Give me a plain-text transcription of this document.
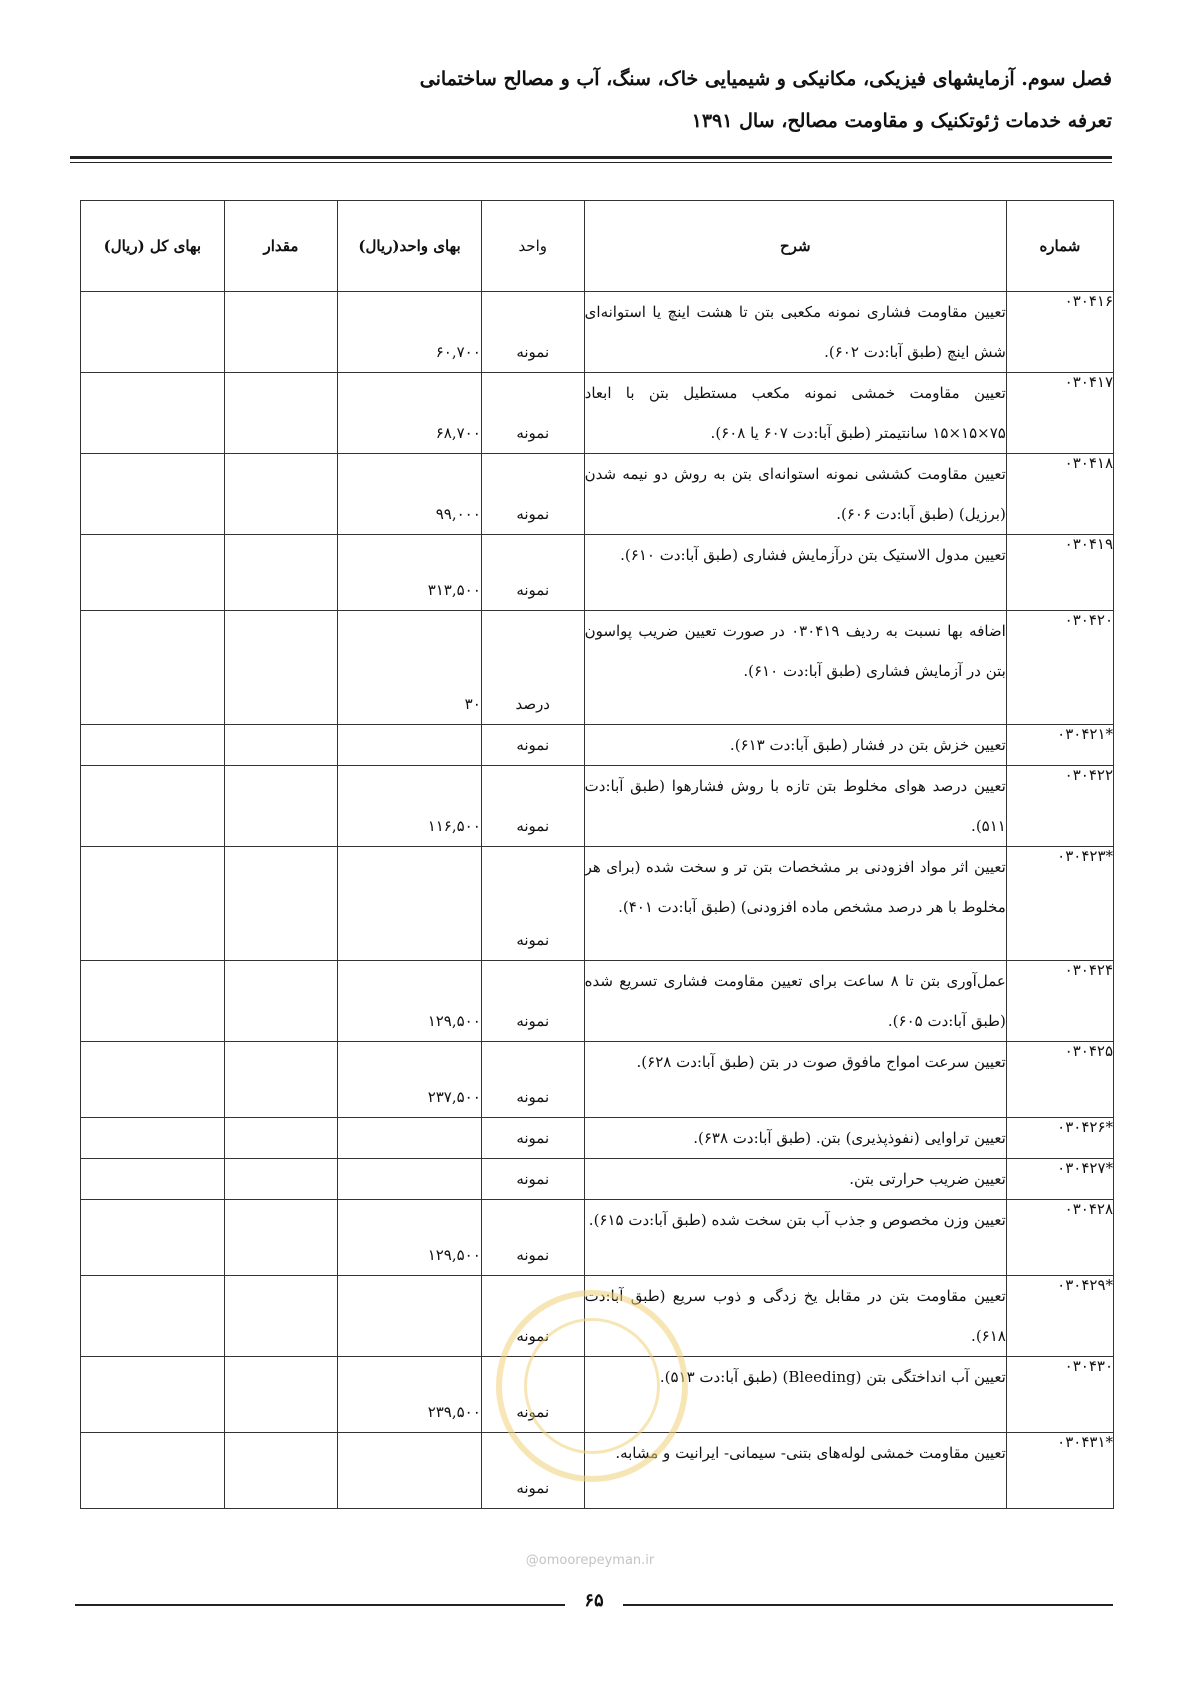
فصل سوم. آزمایشهای فیزیکی، مکانیکی و شیمیایی خاک، سنگ، آب و مصالح ساختمانی
تعرفه خدمات ژئوتکنیک و مقاومت مصالح، سال ۱۳۹۱
شماره	شرح	واحد	بهای واحد(ریال)	مقدار	بهای کل (ریال)
۰۳۰۴۱۶	تعیین مقاومت فشاری نمونه مکعبی بتن تا هشت اینچ یا استوانه‌ای شش اینچ (طبق آبا:دت ۶۰۲).	نمونه	۶۰,۷۰۰		
۰۳۰۴۱۷	تعیین مقاومت خمشی نمونه مکعب مستطیل بتن با ابعاد ۷۵×۱۵×۱۵ سانتیمتر (طبق آبا:دت ۶۰۷ یا ۶۰۸).	نمونه	۶۸,۷۰۰		
۰۳۰۴۱۸	تعیین مقاومت کششی نمونه استوانه‌ای بتن به روش دو نیمه شدن (برزیل) (طبق آبا:دت ۶۰۶).	نمونه	۹۹,۰۰۰		
۰۳۰۴۱۹	تعیین مدول الاستیک بتن درآزمایش فشاری (طبق آبا:دت ۶۱۰).	نمونه	۳۱۳,۵۰۰		
۰۳۰۴۲۰	اضافه بها نسبت به ردیف ۰۳۰۴۱۹ در صورت تعیین ضریب پواسون بتن در آزمایش فشاری (طبق آبا:دت ۶۱۰).	درصد	۳۰		
*۰۳۰۴۲۱	تعیین خزش بتن در فشار (طبق آبا:دت ۶۱۳).	نمونه			
۰۳۰۴۲۲	تعیین درصد هوای مخلوط بتن تازه با روش فشارهوا (طبق آبا:دت ۵۱۱).	نمونه	۱۱۶,۵۰۰		
*۰۳۰۴۲۳	تعیین اثر مواد افزودنی بر مشخصات بتن تر و سخت شده (برای هر مخلوط با هر درصد مشخص ماده افزودنی) (طبق آبا:دت ۴۰۱).	نمونه			
۰۳۰۴۲۴	عمل‌آوری بتن تا ۸ ساعت برای تعیین مقاومت فشاری تسریع شده (طبق آبا:دت ۶۰۵).	نمونه	۱۲۹,۵۰۰		
۰۳۰۴۲۵	تعیین سرعت امواج مافوق صوت در بتن (طبق آبا:دت ۶۲۸).	نمونه	۲۳۷,۵۰۰		
*۰۳۰۴۲۶	تعیین تراوایی (نفوذپذیری) بتن. (طبق آبا:دت ۶۳۸).	نمونه			
*۰۳۰۴۲۷	تعیین ضریب حرارتی بتن.	نمونه			
۰۳۰۴۲۸	تعیین وزن مخصوص و جذب آب بتن سخت شده (طبق آبا:دت ۶۱۵).	نمونه	۱۲۹,۵۰۰		
*۰۳۰۴۲۹	تعیین مقاومت بتن در مقابل یخ زدگی و ذوب سریع (طبق آبا:دت ۶۱۸).	نمونه			
۰۳۰۴۳۰	تعیین آب انداختگی بتن (Bleeding) (طبق آبا:دت ۵۱۳).	نمونه	۲۳۹,۵۰۰		
*۰۳۰۴۳۱	تعیین مقاومت خمشی لوله‌های بتنی- سیمانی- ایرانیت و مشابه.	نمونه			
@omoorepeyman.ir
۶۵
